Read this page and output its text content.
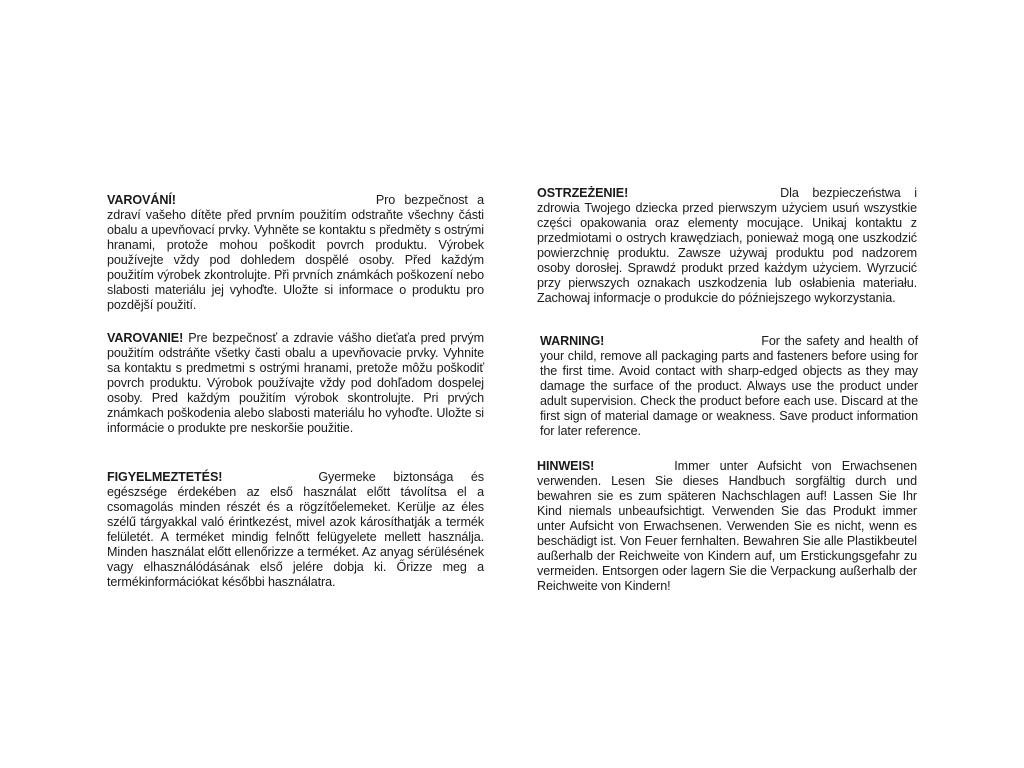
VAROVÁNÍ!	Pro bezpečnost a zdraví vašeho dítěte před prvním použitím odstraňte všechny části obalu a upevňovací prvky. Vyhněte se kontaktu s předměty s ostrými hranami, protože mohou poškodit povrch produktu. Výrobek používejte vždy pod dohledem dospělé osoby. Před každým použitím výrobek zkontrolujte. Při prvních známkách poškození nebo slabosti materiálu jej vyhoďte. Uložte si informace o produktu pro pozdější použití.
VAROVANIE! Pre bezpečnosť a zdravie vášho dieťaťa pred prvým použitím odstráňte všetky časti obalu a upevňovacie prvky. Vyhnite sa kontaktu s predmetmi s ostrými hranami, pretože môžu poškodiť povrch produktu. Výrobok používajte vždy pod dohľadom dospelej osoby. Pred každým použitím výrobok skontrolujte. Pri prvých známkach poškodenia alebo slabosti materiálu ho vyhoďte. Uložte si informácie o produkte pre neskoršie použitie.
FIGYELMEZTETÉS!	Gyermeke biztonsága és egészsége érdekében az első használat előtt távolítsa el a csomagolás minden részét és a rögzítőelemeket. Kerülje az éles szélű tárgyakkal való érintkezést, mivel azok károsíthatják a termék felületét. A terméket mindig felnőtt felügyelete mellett használja. Minden használat előtt ellenőrizze a terméket. Az anyag sérülésének vagy elhasználódásának első jelére dobja ki. Őrizze meg a termékinformációkat későbbi használatra.
OSTRZEŻENIE!	Dla bezpieczeństwa i zdrowia Twojego dziecka przed pierwszym użyciem usuń wszystkie części opakowania oraz elementy mocujące. Unikaj kontaktu z przedmiotami o ostrych krawędziach, ponieważ mogą one uszkodzić powierzchnię produktu. Zawsze używaj produktu pod nadzorem osoby dorosłej. Sprawdź produkt przed każdym użyciem. Wyrzucić przy pierwszych oznakach uszkodzenia lub osłabienia materiału. Zachowaj informacje o produkcie do późniejszego wykorzystania.
WARNING!	For the safety and health of your child, remove all packaging parts and fasteners before using for the first time. Avoid contact with sharp-edged objects as they may damage the surface of the product. Always use the product under adult supervision. Check the product before each use. Discard at the first sign of material damage or weakness. Save product information for later reference.
HINWEIS!	Immer unter Aufsicht von Erwachsenen verwenden. Lesen Sie dieses Handbuch sorgfältig durch und bewahren sie es zum späteren Nachschlagen auf! Lassen Sie Ihr Kind niemals unbeaufsichtigt. Verwenden Sie das Produkt immer unter Aufsicht von Erwachsenen. Verwenden Sie es nicht, wenn es beschädigt ist. Von Feuer fernhalten. Bewahren Sie alle Plastikbeutel außerhalb der Reichweite von Kindern auf, um Erstickungsgefahr zu vermeiden. Entsorgen oder lagern Sie die Verpackung außerhalb der Reichweite von Kindern!
